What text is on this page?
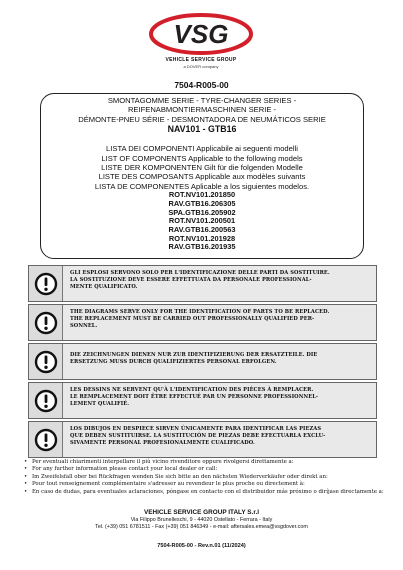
VSG
VEHICLE SERVICE GROUP
a DOVER company
7504-R005-00
SMONTAGOMME SERIE - TYRE-CHANGER SERIES -
REIFENABMONTIERMASCHINEN SERIE -
DÉMONTE-PNEU SÉRIE - DESMONTADORA DE NEUMÁTICOS SERIE
NAV101 - GTB16
LISTA DEI COMPONENTI Applicabile ai seguenti modelli
LIST OF COMPONENTS Applicable to the following models
LISTE DER KOMPONENTEN Gilt für die folgenden Modelle
LISTE DES COMPOSANTS Applicable aux modèles suivants
LISTA DE COMPONENTES Aplicable a los siguientes modelos.
ROT.NV101.201850
RAV.GTB16.206305
SPA.GTB16.205902
ROT.NV101.200501
RAV.GTB16.200563
ROT.NV101.201928
RAV.GTB16.201935
GLI ESPLOSI SERVONO SOLO PER L'IDENTIFICAZIONE DELLE PARTI DA SOSTITUIRE.
LA SOSTITUZIONE DEVE ESSERE EFFETTUATA DA PERSONALE PROFESSIONAL-
MENTE QUALIFICATO.
THE DIAGRAMS SERVE ONLY FOR THE IDENTIFICATION OF PARTS TO BE REPLACED.
THE REPLACEMENT MUST BE CARRIED OUT PROFESSIONALLY QUALIFIED PER-
SONNEL.
DIE ZEICHNUNGEN DIENEN NUR ZUR IDENTIFIZIERUNG DER ERSATZTEILE. DIE
ERSETZUNG MUSS DURCH QUALIFIZIERTES PERSONAL ERFOLGEN.
LES DESSINS NE SERVENT QU'À L'IDENTIFICATION DES PIÈCES À REMPLACER.
LE REMPLACEMENT DOIT ÊTRE EFFECTUÉ PAR UN PERSONNE PROFESSIONNEL-
LEMENT QUALIFIÉ.
LOS DIBUJOS EN DESPIECE SIRVEN ÚNICAMENTE PARA IDENTIFICAR LAS PIEZAS
QUE DEBEN SUSTITUIRSE. LA SUSTITUCIÓN DE PIEZAS DEBE EFECTUARLA EXCLU-
SIVAMENTE PERSONAL PROFESIONALMENTE CUALIFICADO.
• Per eventuali chiarimenti interpellare il più vicino rivenditore oppure rivolgersi direttamente a:
• For any further information please contact your local dealer or call:
• Im Zweifelsfall ober bei Rückfragen wenden Sie sich bitte an den nächsten Wiederverkäufer oder direkt an:
• Pour tout renseignement complémentaire s'adresser au revendeur le plus proche ou directement à:
• En caso de dudas, para eventuales aclaraciones, póngase en contacto con el distribuidor más próximo o diríjase directamente a:
VEHICLE SERVICE GROUP ITALY S.r.l
Via Filippo Brunelleschi, 9 - 44020 Ostellato - Ferrara - Italy
Tel. (+39) 051 6781511 - Fax (+39) 051 846349 - e-mail: aftersales.emea@vsgdover.com
7504-R005-00 - Rev.n.01 (11/2024)
